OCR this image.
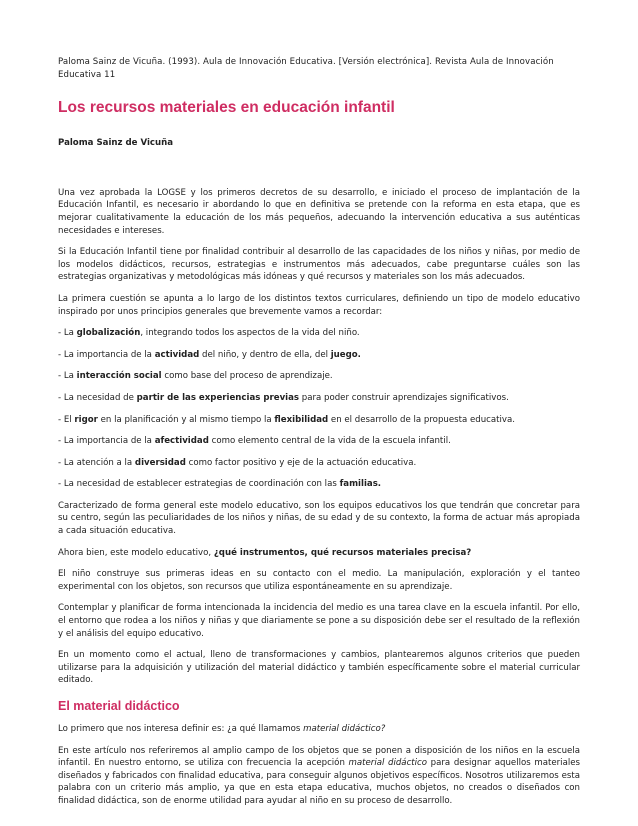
Paloma Sainz de Vicuña. (1993). Aula de Innovación Educativa. [Versión electrónica]. Revista Aula de Innovación Educativa 11

Los recursos materiales en educación infantil

Paloma Sainz de Vicuña

Una vez aprobada la LOGSE y los primeros decretos de su desarrollo, e iniciado el proceso de implantación de la Educación Infantil, es necesario ir abordando lo que en definitiva se pretende con la reforma en esta etapa, que es mejorar cualitativamente la educación de los más pequeños, adecuando la intervención educativa a sus auténticas necesidades e intereses.

Si la Educación Infantil tiene por finalidad contribuir al desarrollo de las capacidades de los niños y niñas, por medio de los modelos didácticos, recursos, estrategias e instrumentos más adecuados, cabe preguntarse cuáles son las estrategias organizativas y metodológicas más idóneas y qué recursos y materiales son los más adecuados.

La primera cuestión se apunta a lo largo de los distintos textos curriculares, definiendo un tipo de modelo educativo inspirado por unos principios generales que brevemente vamos a recordar:

- La globalización, integrando todos los aspectos de la vida del niño.

- La importancia de la actividad del niño, y dentro de ella, del juego.

- La interacción social como base del proceso de aprendizaje.

- La necesidad de partir de las experiencias previas para poder construir aprendizajes significativos.

- El rigor en la planificación y al mismo tiempo la flexibilidad en el desarrollo de la propuesta educativa.

- La importancia de la afectividad como elemento central de la vida de la escuela infantil.

- La atención a la diversidad como factor positivo y eje de la actuación educativa.

- La necesidad de establecer estrategias de coordinación con las familias.

Caracterizado de forma general este modelo educativo, son los equipos educativos los que tendrán que concretar para su centro, según las peculiaridades de los niños y niñas, de su edad y de su contexto, la forma de actuar más apropiada a cada situación educativa.

Ahora bien, este modelo educativo, ¿qué instrumentos, qué recursos materiales precisa?

El niño construye sus primeras ideas en su contacto con el medio. La manipulación, exploración y el tanteo experimental con los objetos, son recursos que utiliza espontáneamente en su aprendizaje.

Contemplar y planificar de forma intencionada la incidencia del medio es una tarea clave en la escuela infantil. Por ello, el entorno que rodea a los niños y niñas y que diariamente se pone a su disposición debe ser el resultado de la reflexión y el análisis del equipo educativo.

En un momento como el actual, lleno de transformaciones y cambios, plantearemos algunos criterios que pueden utilizarse para la adquisición y utilización del material didáctico y también específicamente sobre el material curricular editado.

El material didáctico

Lo primero que nos interesa definir es: ¿a qué llamamos material didáctico?

En este artículo nos referiremos al amplio campo de los objetos que se ponen a disposición de los niños en la escuela infantil. En nuestro entorno, se utiliza con frecuencia la acepción material didáctico para designar aquellos materiales diseñados y fabricados con finalidad educativa, para conseguir algunos objetivos específicos. Nosotros utilizaremos esta palabra con un criterio más amplio, ya que en esta etapa educativa, muchos objetos, no creados o diseñados con finalidad didáctica, son de enorme utilidad para ayudar al niño en su proceso de desarrollo.
